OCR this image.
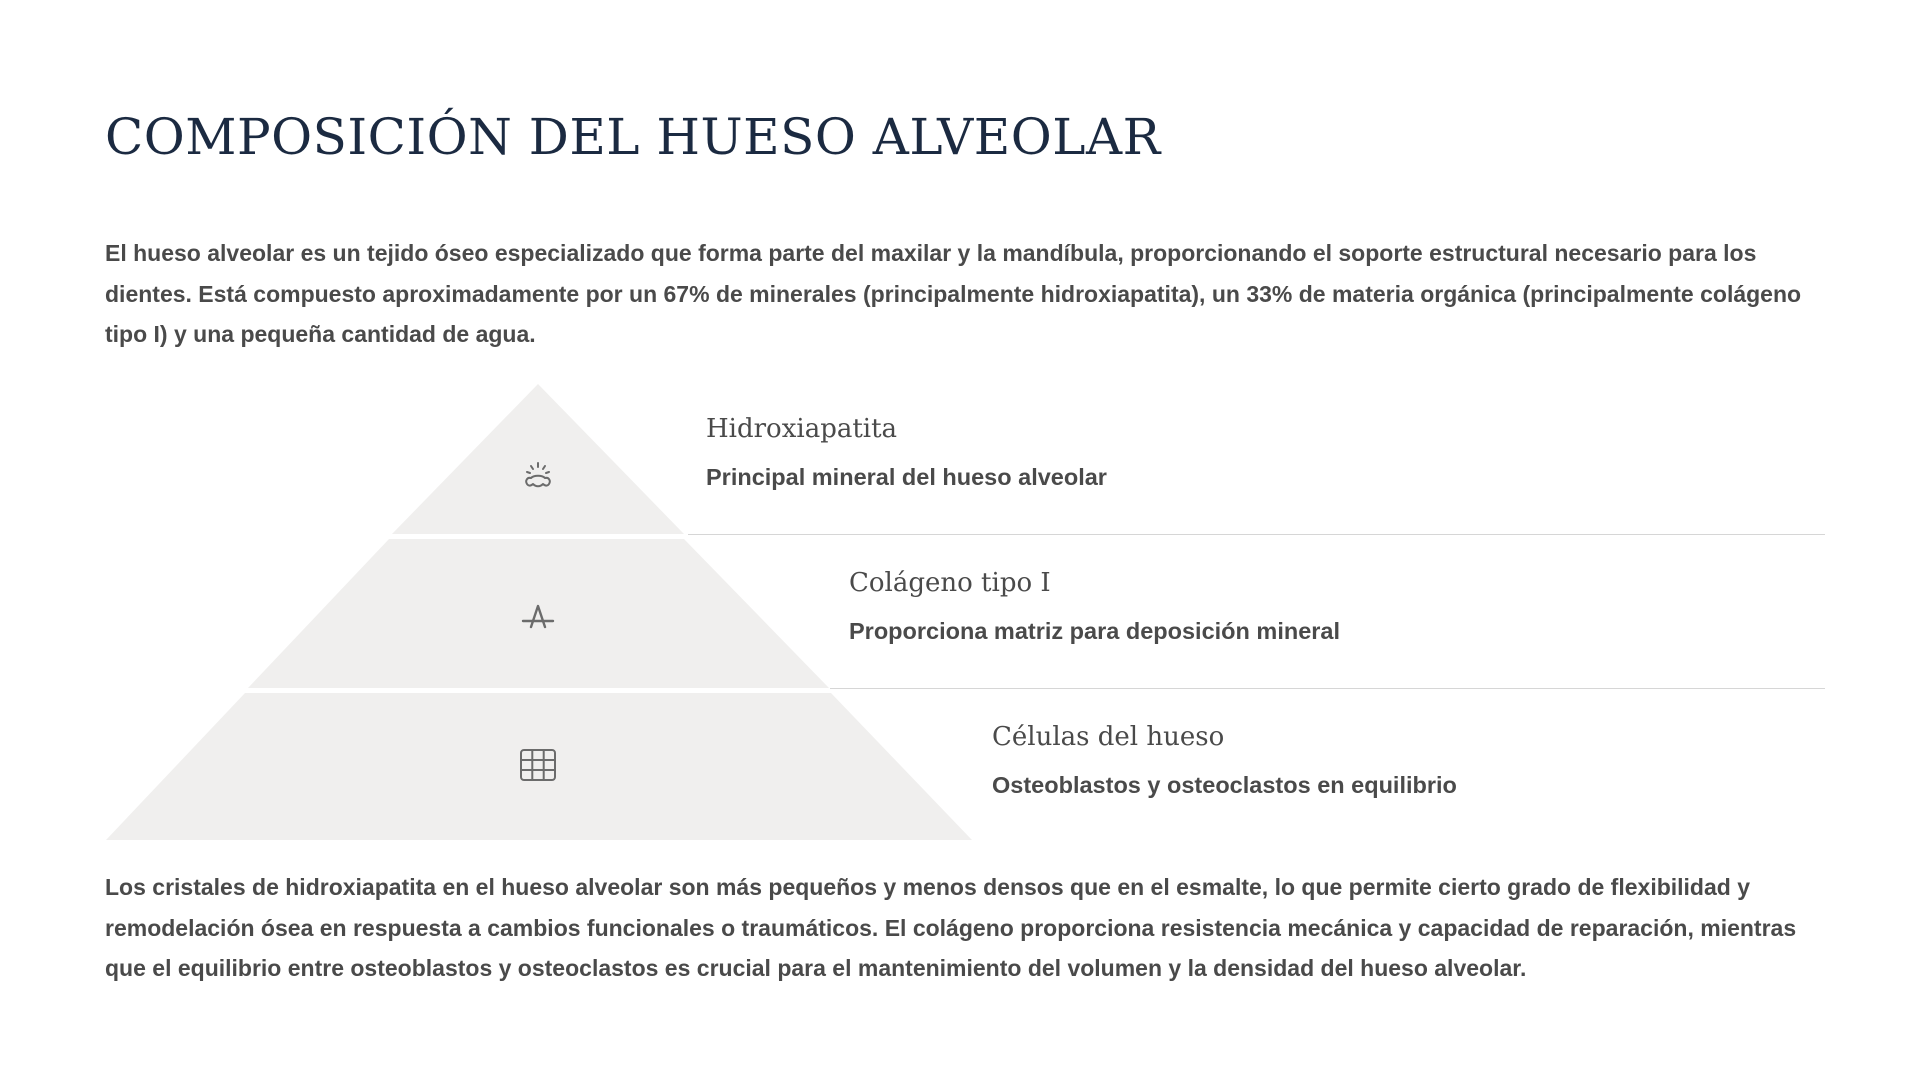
COMPOSICIÓN DEL HUESO ALVEOLAR

El hueso alveolar es un tejido óseo especializado que forma parte del maxilar y la mandíbula, proporcionando el soporte estructural necesario para los dientes. Está compuesto aproximadamente por un 67% de minerales (principalmente hidroxiapatita), un 33% de materia orgánica (principalmente colágeno tipo I) y una pequeña cantidad de agua.

Hidroxiapatita
Principal mineral del hueso alveolar
Colágeno tipo I
Proporciona matriz para deposición mineral
Células del hueso
Osteoblastos y osteoclastos en equilibrio

Los cristales de hidroxiapatita en el hueso alveolar son más pequeños y menos densos que en el esmalte, lo que permite cierto grado de flexibilidad y remodelación ósea en respuesta a cambios funcionales o traumáticos. El colágeno proporciona resistencia mecánica y capacidad de reparación, mientras que el equilibrio entre osteoblastos y osteoclastos es crucial para el mantenimiento del volumen y la densidad del hueso alveolar.
